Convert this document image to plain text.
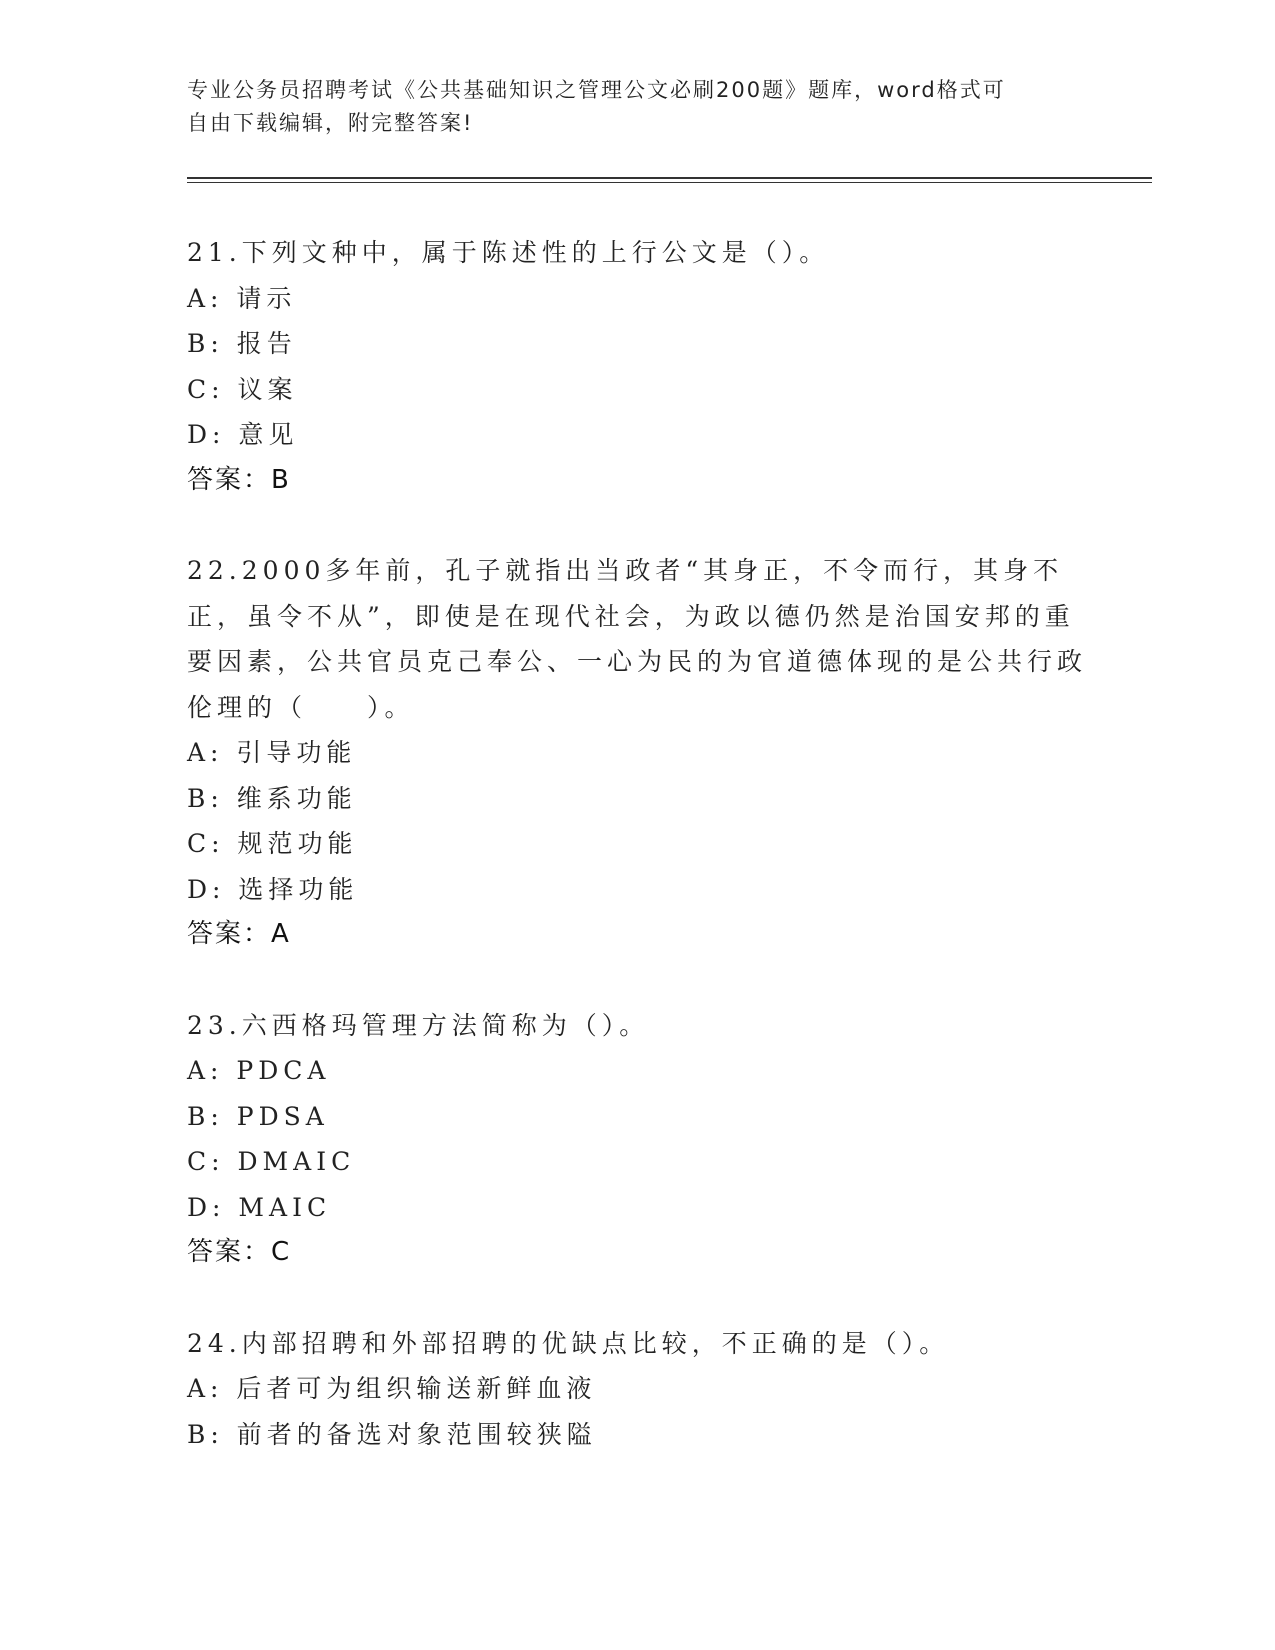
专业公务员招聘考试《公共基础知识之管理公文必刷200题》题库，word格式可
自由下载编辑，附完整答案!
21.下列文种中，属于陈述性的上行公文是（）。
A: 请示
B: 报告
C: 议案
D: 意见
答案：B
22.2000多年前，孔子就指出当政者“其身正，不令而行，其身不正，虽令不从”，即使是在现代社会，为政以德仍然是治国安邦的重要因素，公共官员克己奉公、一心为民的为官道德体现的是公共行政伦理的（　　）。
A: 引导功能
B: 维系功能
C: 规范功能
D: 选择功能
答案：A
23.六西格玛管理方法简称为（）。
A: PDCA
B: PDSA
C: DMAIC
D: MAIC
答案：C
24.内部招聘和外部招聘的优缺点比较，不正确的是（）。
A: 后者可为组织输送新鲜血液
B: 前者的备选对象范围较狭隘
